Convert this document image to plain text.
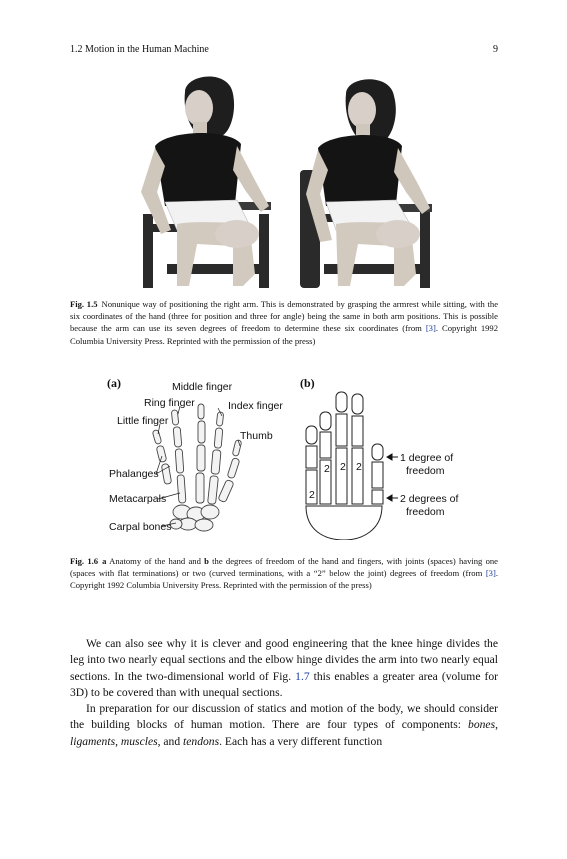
1.2 Motion in the Human Machine	9
(a)	(b)
Fig. 1.5 Nonunique way of positioning the right arm. This is demonstrated by grasping the armrest while sitting, with the six coordinates of the hand (three for position and three for angle) being the same in both arm positions. This is possible because the arm can use its seven degrees of freedom to determine these six coordinates (from [3]. Copyright 1992 Columbia University Press. Reprinted with the permission of the press)
(a)	(b)
Middle finger
Ring finger	Index finger
Little finger
Thumb
Phalanges
Metacarpals
Carpal bones
2
2 2 2
1 degree of
freedom
2 degrees of
freedom
Fig. 1.6 a Anatomy of the hand and b the degrees of freedom of the hand and fingers, with joints (spaces) having one (spaces with flat terminations) or two (curved terminations, with a “2” below the joint) degrees of freedom (from [3]. Copyright 1992 Columbia University Press. Reprinted with the permission of the press)

We can also see why it is clever and good engineering that the knee hinge divides the leg into two nearly equal sections and the elbow hinge divides the arm into two nearly equal sections. In the two-dimensional world of Fig. 1.7 this enables a greater area (volume for 3D) to be covered than with unequal sections.

In preparation for our discussion of statics and motion of the body, we should consider the building blocks of human motion. There are four types of components: bones, ligaments, muscles, and tendons. Each has a very different function
